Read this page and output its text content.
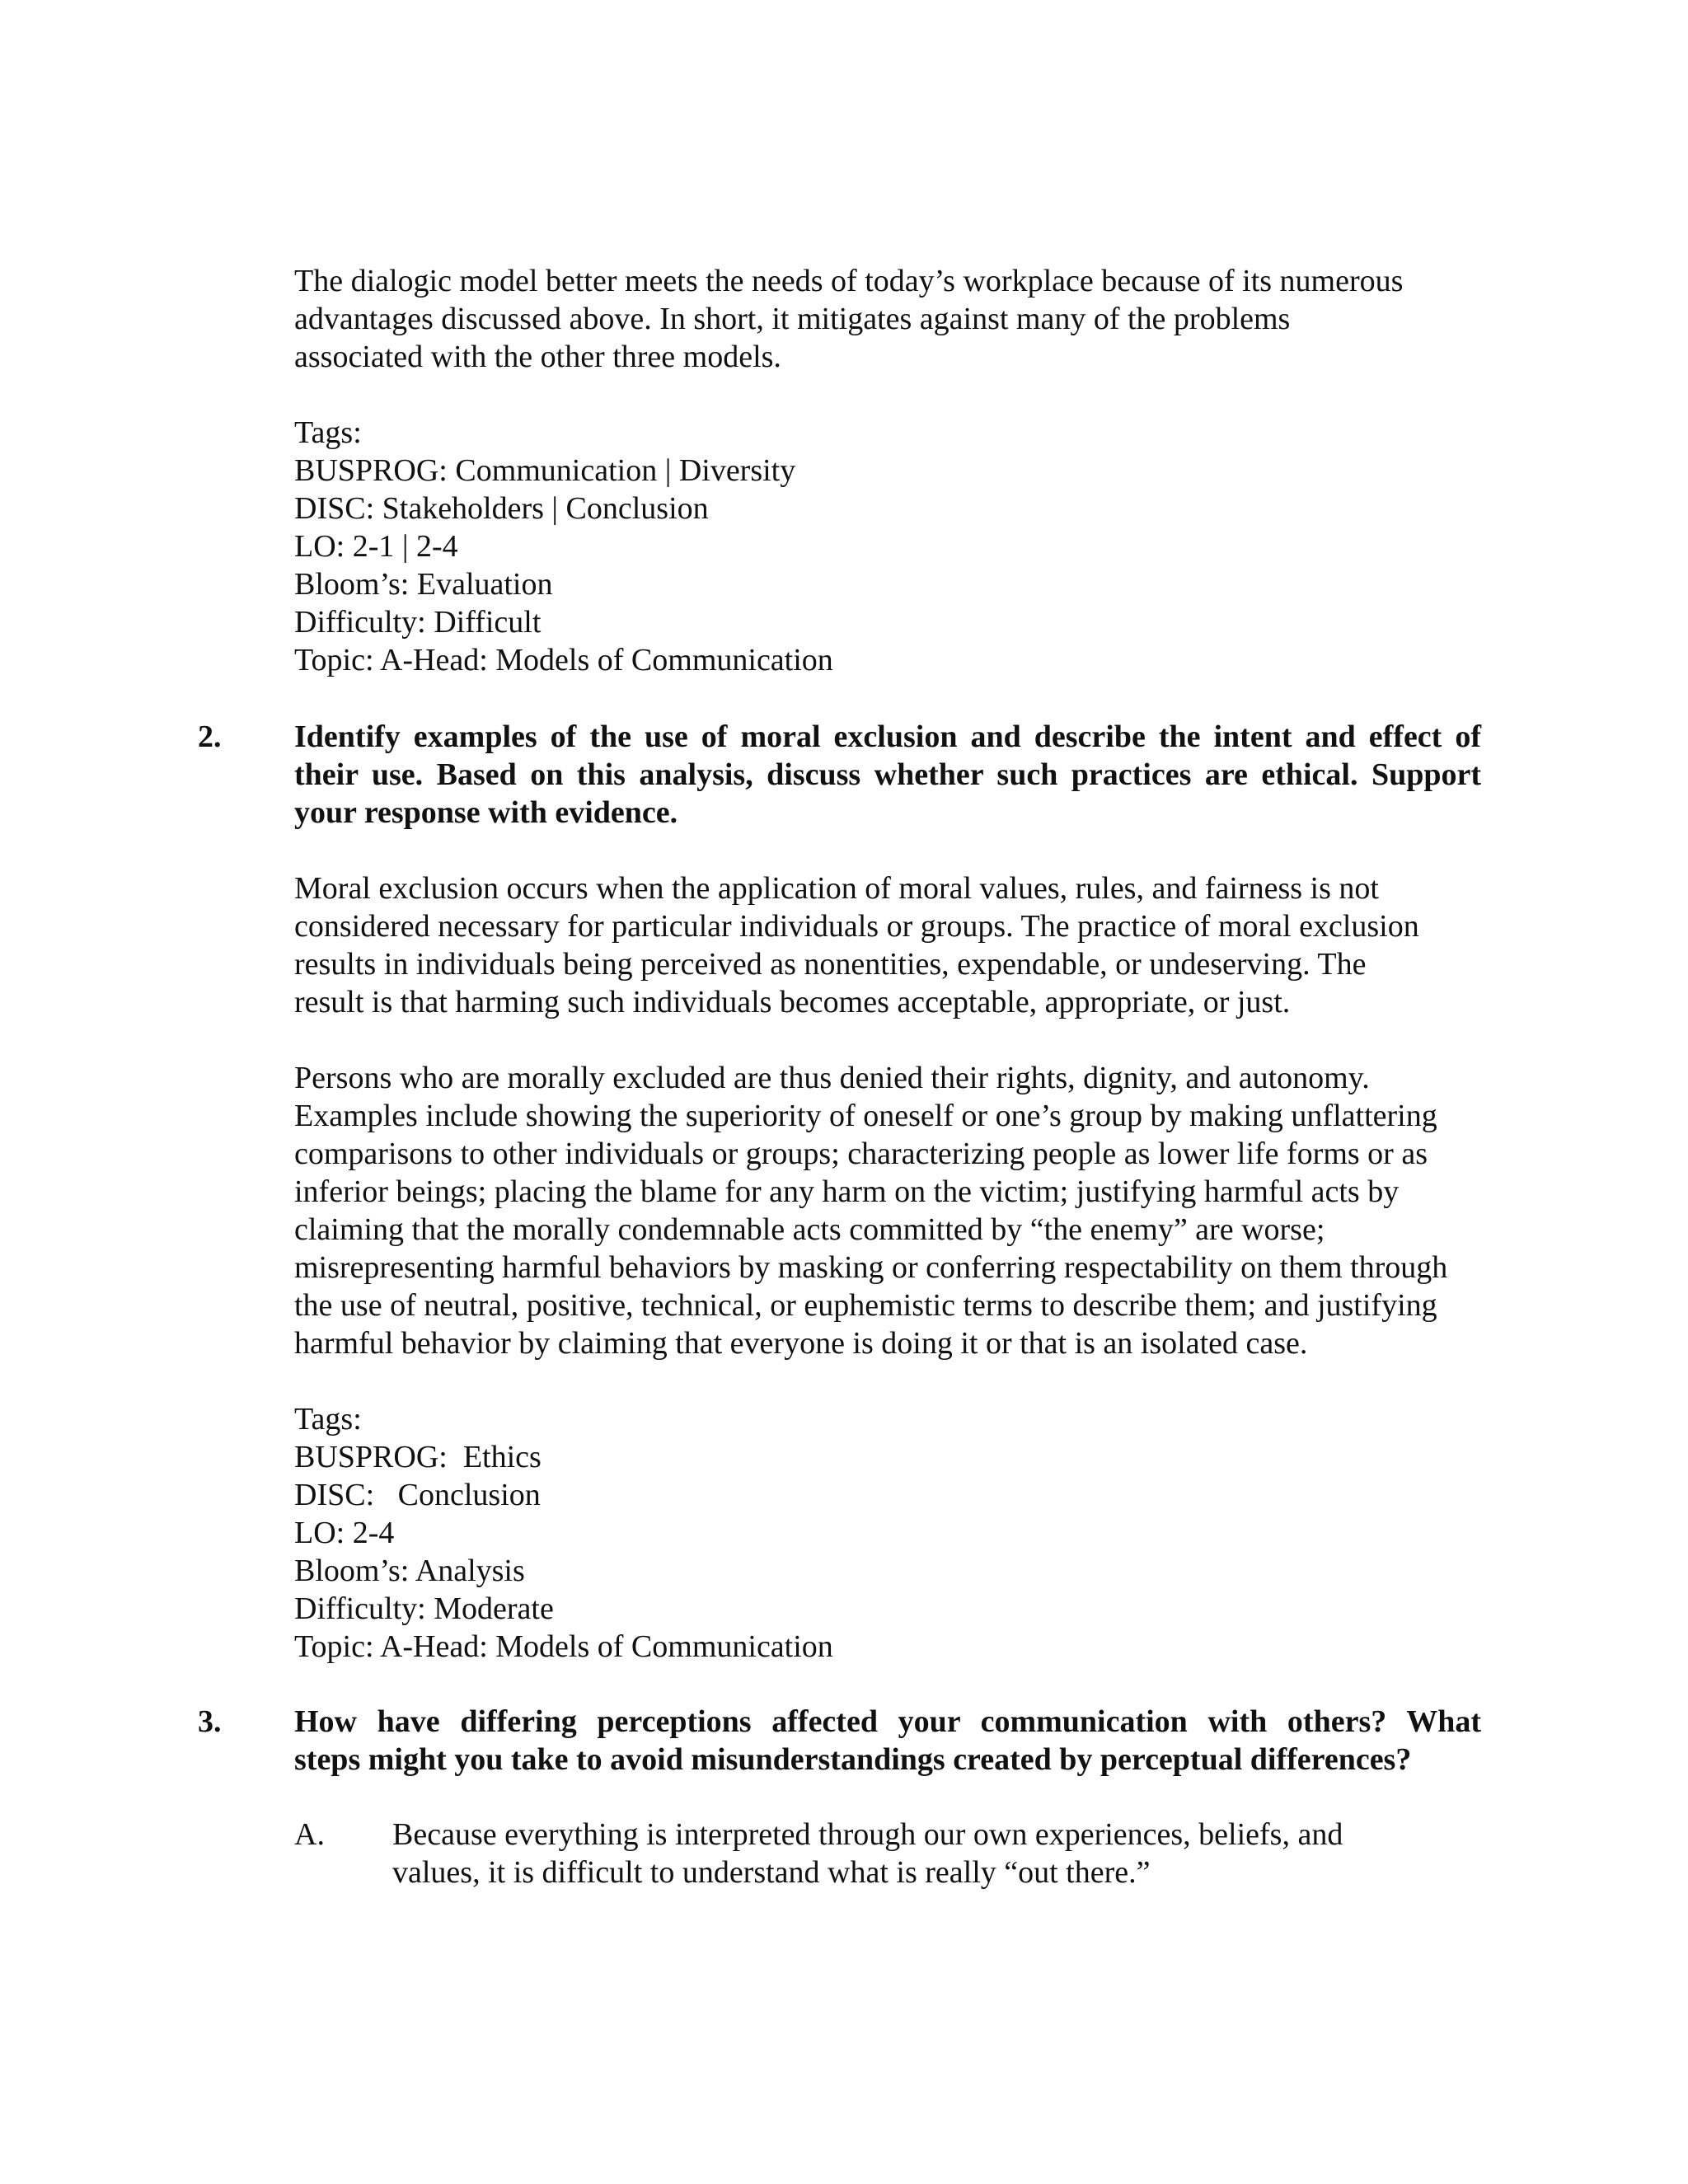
The dialogic model better meets the needs of today’s workplace because of its numerous
advantages discussed above. In short, it mitigates against many of the problems
associated with the other three models.
Tags:
BUSPROG: Communication | Diversity
DISC: Stakeholders | Conclusion
LO: 2-1 | 2-4
Bloom’s: Evaluation
Difficulty: Difficult
Topic: A-Head: Models of Communication
2. Identify examples of the use of moral exclusion and describe the intent and effect of
their use. Based on this analysis, discuss whether such practices are ethical. Support
your response with evidence.
Moral exclusion occurs when the application of moral values, rules, and fairness is not
considered necessary for particular individuals or groups. The practice of moral exclusion
results in individuals being perceived as nonentities, expendable, or undeserving. The
result is that harming such individuals becomes acceptable, appropriate, or just.
Persons who are morally excluded are thus denied their rights, dignity, and autonomy.
Examples include showing the superiority of oneself or one’s group by making unflattering
comparisons to other individuals or groups; characterizing people as lower life forms or as
inferior beings; placing the blame for any harm on the victim; justifying harmful acts by
claiming that the morally condemnable acts committed by “the enemy” are worse;
misrepresenting harmful behaviors by masking or conferring respectability on them through
the use of neutral, positive, technical, or euphemistic terms to describe them; and justifying
harmful behavior by claiming that everyone is doing it or that is an isolated case.
Tags:
BUSPROG:  Ethics
DISC:   Conclusion
LO: 2-4
Bloom’s: Analysis
Difficulty: Moderate
Topic: A-Head: Models of Communication
3. How have differing perceptions affected your communication with others? What
steps might you take to avoid misunderstandings created by perceptual differences?
A. Because everything is interpreted through our own experiences, beliefs, and
values, it is difficult to understand what is really “out there.”
